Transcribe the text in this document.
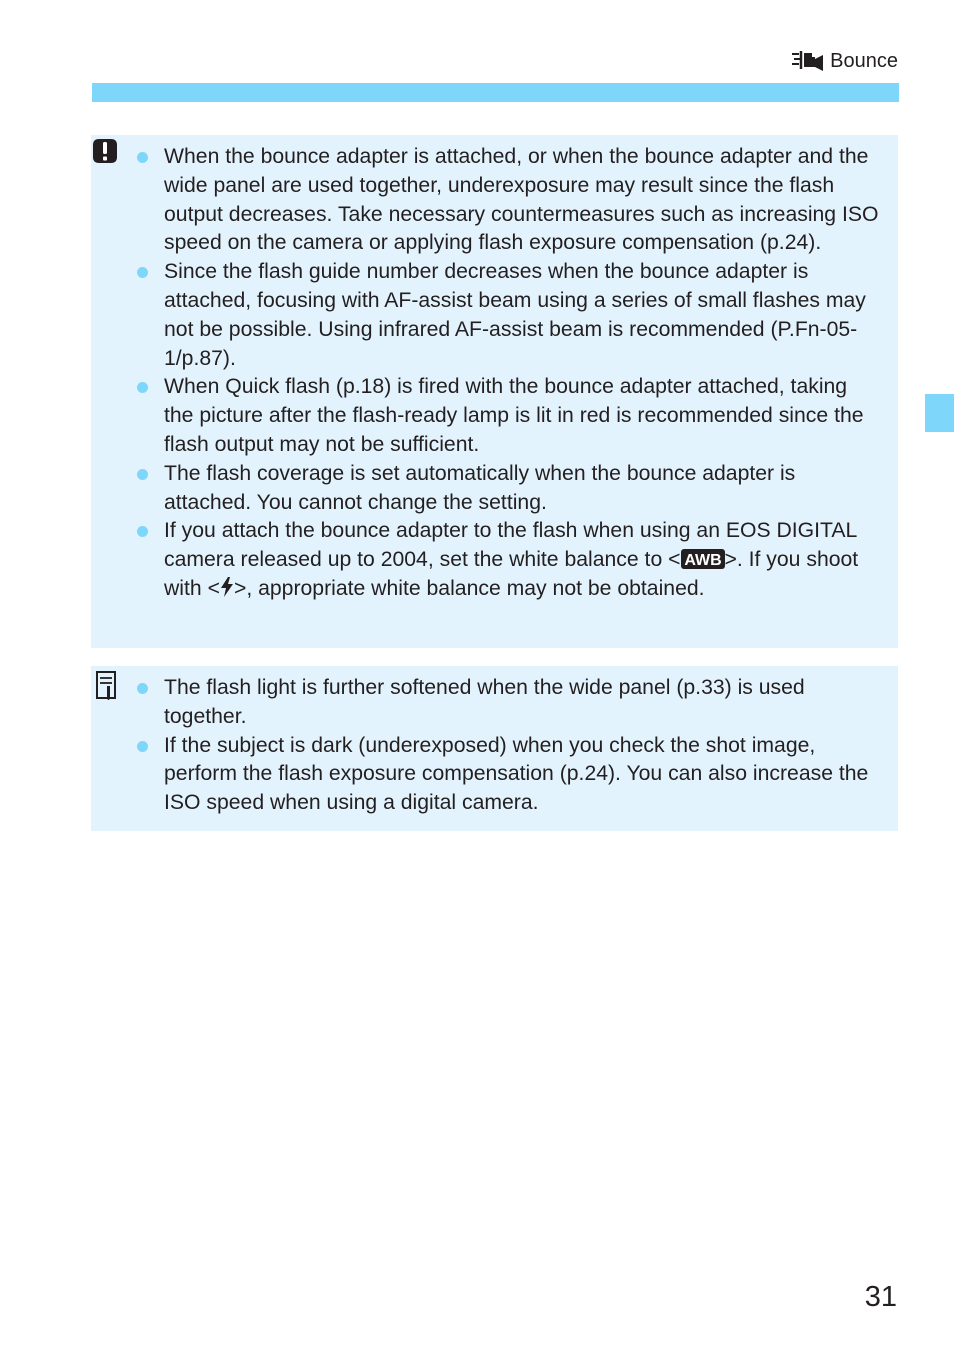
Bounce
When the bounce adapter is attached, or when the bounce adapter and the wide panel are used together, underexposure may result since the flash output decreases. Take necessary countermeasures such as increasing ISO speed on the camera or applying flash exposure compensation (p.24).
Since the flash guide number decreases when the bounce adapter is attached, focusing with AF-assist beam using a series of small flashes may not be possible. Using infrared AF-assist beam is recommended (P.Fn-05-1/p.87).
When Quick flash (p.18) is fired with the bounce adapter attached, taking the picture after the flash-ready lamp is lit in red is recommended since the flash output may not be sufficient.
The flash coverage is set automatically when the bounce adapter is attached. You cannot change the setting.
If you attach the bounce adapter to the flash when using an EOS DIGITAL camera released up to 2004, set the white balance to < AWB >. If you shoot with < >, appropriate white balance may not be obtained.
The flash light is further softened when the wide panel (p.33) is used together.
If the subject is dark (underexposed) when you check the shot image, perform the flash exposure compensation (p.24). You can also increase the ISO speed when using a digital camera.
31
